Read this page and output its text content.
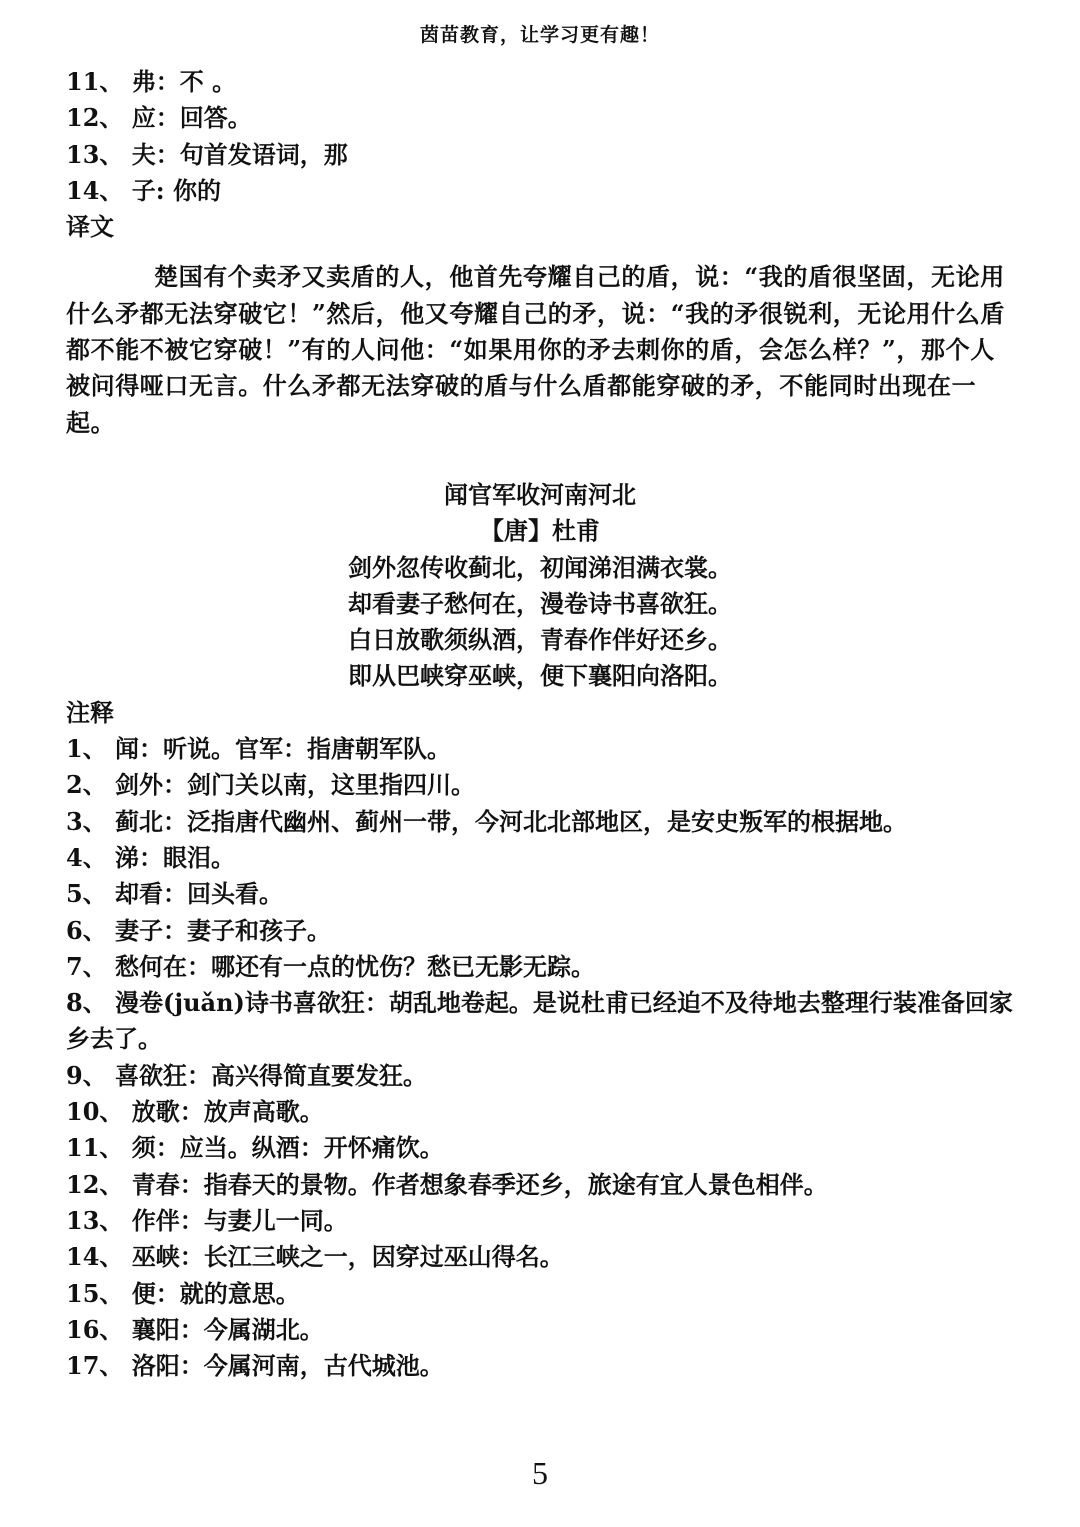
茵苗教育，让学习更有趣！
11、 弗：不 。
12、 应：回答。
13、 夫：句首发语词，那
14、 子: 你的
译文
楚国有个卖矛又卖盾的人，他首先夸耀自己的盾，说：“我的盾很坚固，无论用什么矛都无法穿破它！”然后，他又夸耀自己的矛，说：“我的矛很锐利，无论用什么盾都不能不被它穿破！”有的人问他：“如果用你的矛去刺你的盾，会怎么样？”，那个人被问得哑口无言。什么矛都无法穿破的盾与什么盾都能穿破的矛，不能同时出现在一起。
闻官军收河南河北
【唐】杜甫
剑外忽传收蓟北，初闻涕泪满衣裳。
却看妻子愁何在，漫卷诗书喜欲狂。
白日放歌须纵酒，青春作伴好还乡。
即从巴峡穿巫峡，便下襄阳向洛阳。
注释
1、 闻：听说。官军：指唐朝军队。
2、 剑外：剑门关以南，这里指四川。
3、 蓟北：泛指唐代幽州、蓟州一带，今河北北部地区，是安史叛军的根据地。
4、 涕：眼泪。
5、 却看：回头看。
6、 妻子：妻子和孩子。
7、 愁何在：哪还有一点的忧伤？愁已无影无踪。
8、 漫卷(juǎn)诗书喜欲狂：胡乱地卷起。是说杜甫已经迫不及待地去整理行装准备回家乡去了。
9、 喜欲狂：高兴得简直要发狂。
10、 放歌：放声高歌。
11、 须：应当。纵酒：开怀痛饮。
12、 青春：指春天的景物。作者想象春季还乡，旅途有宜人景色相伴。
13、 作伴：与妻儿一同。
14、 巫峡：长江三峡之一，因穿过巫山得名。
15、 便：就的意思。
16、 襄阳：今属湖北。
17、 洛阳：今属河南，古代城池。
5
